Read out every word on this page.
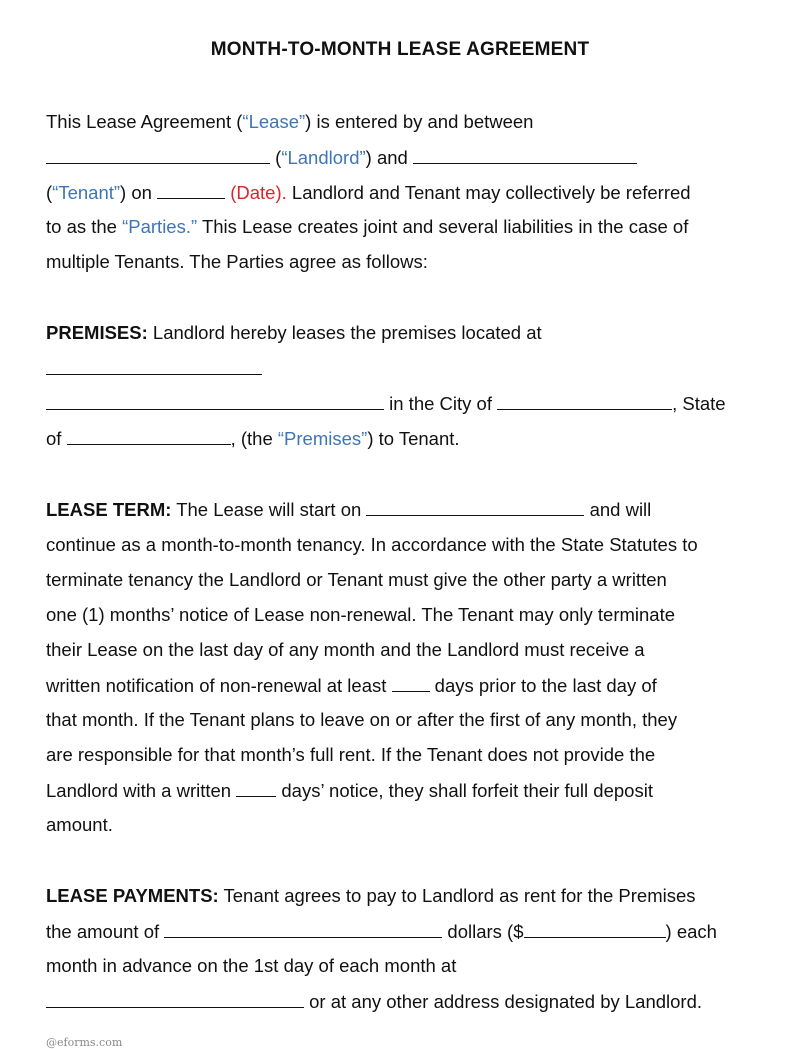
MONTH-TO-MONTH LEASE AGREEMENT
This Lease Agreement (“Lease”) is entered by and between
(“Landlord”) and
(“Tenant”) on	(Date). Landlord and Tenant may collectively be referred
to as the “Parties.” This Lease creates joint and several liabilities in the case of
multiple Tenants. The Parties agree as follows:
PREMISES: Landlord hereby leases the premises located at
in the City of	, State
of	, (the “Premises”) to Tenant.
LEASE TERM: The Lease will start on	and will
continue as a month-to-month tenancy. In accordance with the State Statutes to
terminate tenancy the Landlord or Tenant must give the other party a written
one (1) months’ notice of Lease non-renewal. The Tenant may only terminate
their Lease on the last day of any month and the Landlord must receive a
written notification of non-renewal at least  days prior to the last day of
that month. If the Tenant plans to leave on or after the first of any month, they
are responsible for that month’s full rent. If the Tenant does not provide the
Landlord with a written  days’ notice, they shall forfeit their full deposit
amount.
LEASE PAYMENTS: Tenant agrees to pay to Landlord as rent for the Premises
the amount of	dollars ($	) each
month in advance on the 1st day of each month at
or at any other address designated by Landlord.
@eforms.com
